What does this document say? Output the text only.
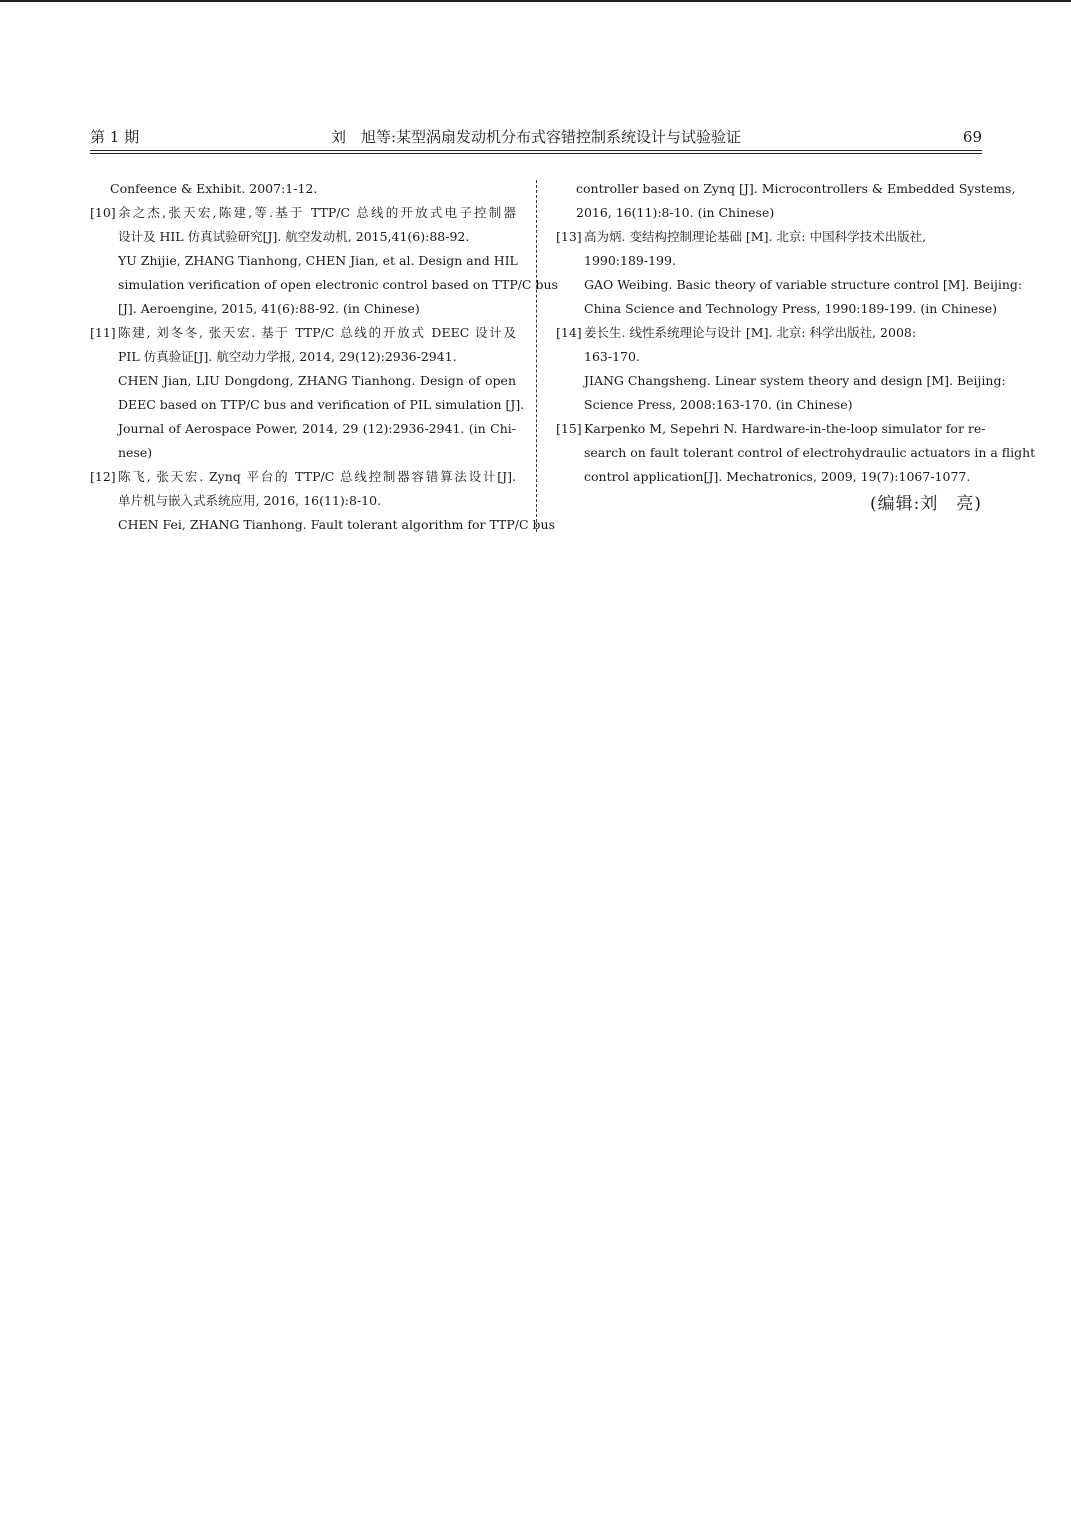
刘　旭等:某型涡扇发动机分布式容错控制系统设计与试验验证
第 1 期	69
Confeence & Exhibit. 2007:1-12.
[10] 余之杰,张天宏,陈建,等.基于 TTP/C 总线的开放式电子控制器
设计及 HIL 仿真试验研究[J]. 航空发动机, 2015,41(6):88-92.
YU Zhijie, ZHANG Tianhong, CHEN Jian, et al. Design and HIL
simulation verification of open electronic control based on TTP/C bus
[J]. Aeroengine, 2015, 41(6):88-92. (in Chinese)
[11] 陈建, 刘冬冬, 张天宏. 基于 TTP/C 总线的开放式 DEEC 设计及
PIL 仿真验证[J]. 航空动力学报, 2014, 29(12):2936-2941.
CHEN Jian, LIU Dongdong, ZHANG Tianhong. Design of open
DEEC based on TTP/C bus and verification of PIL simulation [J].
Journal of Aerospace Power, 2014, 29 (12):2936-2941. (in Chi-
nese)
[12] 陈飞, 张天宏. Zynq 平台的 TTP/C 总线控制器容错算法设计[J].
单片机与嵌入式系统应用, 2016, 16(11):8-10.
CHEN Fei, ZHANG Tianhong. Fault tolerant algorithm for TTP/C bus
controller based on Zynq [J]. Microcontrollers & Embedded Systems,
2016, 16(11):8-10. (in Chinese)
[13] 高为炳. 变结构控制理论基础 [M]. 北京: 中国科学技术出版社,
1990:189-199.
GAO Weibing. Basic theory of variable structure control [M]. Beijing:
China Science and Technology Press, 1990:189-199. (in Chinese)
[14] 姜长生. 线性系统理论与设计 [M]. 北京: 科学出版社, 2008:
163-170.
JIANG Changsheng. Linear system theory and design [M]. Beijing:
Science Press, 2008:163-170. (in Chinese)
[15] Karpenko M, Sepehri N. Hardware-in-the-loop simulator for re-
search on fault tolerant control of electrohydraulic actuators in a flight
control application[J]. Mechatronics, 2009, 19(7):1067-1077.
(编辑:刘　亮)
